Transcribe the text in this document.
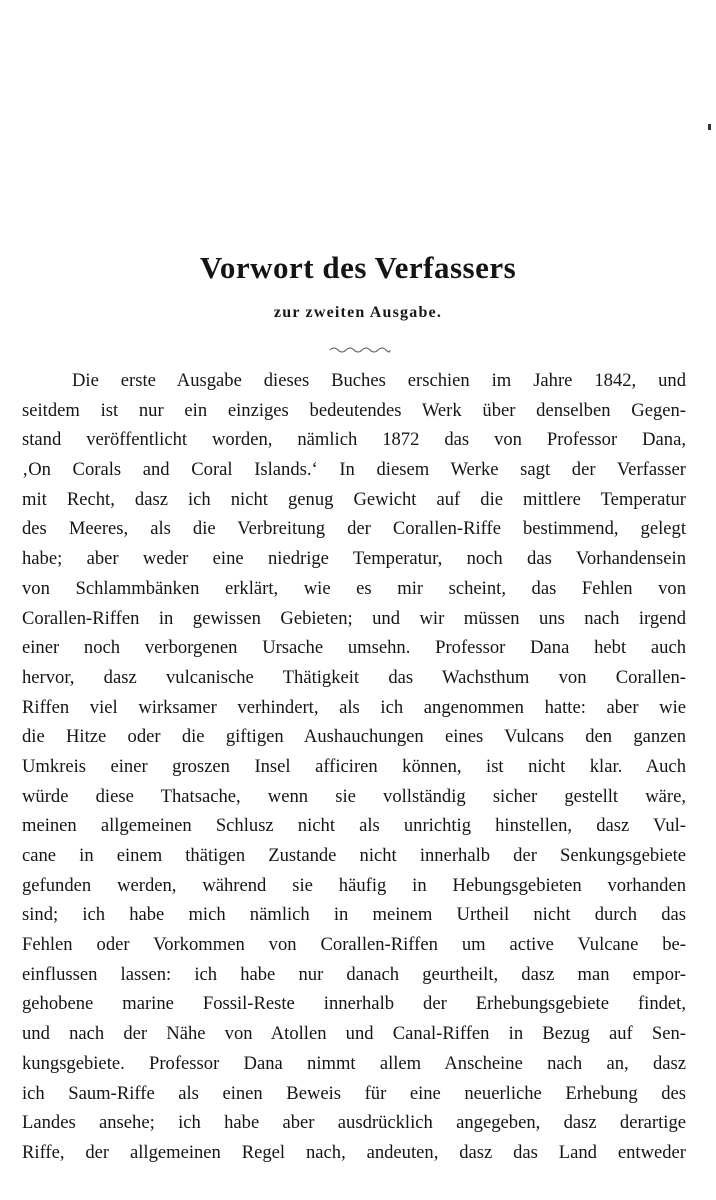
Vorwort des Verfassers
zur zweiten Ausgabe.
Die erste Ausgabe dieses Buches erschien im Jahre 1842, und
seitdem ist nur ein einziges bedeutendes Werk über denselben Gegen-
stand veröffentlicht worden, nämlich 1872 das von Professor Dana,
‚On Corals and Coral Islands.‘ In diesem Werke sagt der Verfasser
mit Recht, dasz ich nicht genug Gewicht auf die mittlere Temperatur
des Meeres, als die Verbreitung der Corallen-Riffe bestimmend, gelegt
habe; aber weder eine niedrige Temperatur, noch das Vorhandensein
von Schlammbänken erklärt, wie es mir scheint, das Fehlen von
Corallen-Riffen in gewissen Gebieten; und wir müssen uns nach irgend
einer noch verborgenen Ursache umsehn. Professor Dana hebt auch
hervor, dasz vulcanische Thätigkeit das Wachsthum von Corallen-
Riffen viel wirksamer verhindert, als ich angenommen hatte: aber wie
die Hitze oder die giftigen Aushauchungen eines Vulcans den ganzen
Umkreis einer groszen Insel afficiren können, ist nicht klar. Auch
würde diese Thatsache, wenn sie vollständig sicher gestellt wäre,
meinen allgemeinen Schlusz nicht als unrichtig hinstellen, dasz Vul-
cane in einem thätigen Zustande nicht innerhalb der Senkungsgebiete
gefunden werden, während sie häufig in Hebungsgebieten vorhanden
sind; ich habe mich nämlich in meinem Urtheil nicht durch das
Fehlen oder Vorkommen von Corallen-Riffen um active Vulcane be-
einflussen lassen: ich habe nur danach geurtheilt, dasz man empor-
gehobene marine Fossil-Reste innerhalb der Erhebungsgebiete findet,
und nach der Nähe von Atollen und Canal-Riffen in Bezug auf Sen-
kungsgebiete. Professor Dana nimmt allem Anscheine nach an, dasz
ich Saum-Riffe als einen Beweis für eine neuerliche Erhebung des
Landes ansehe; ich habe aber ausdrücklich angegeben, dasz derartige
Riffe, der allgemeinen Regel nach, andeuten, dasz das Land entweder
